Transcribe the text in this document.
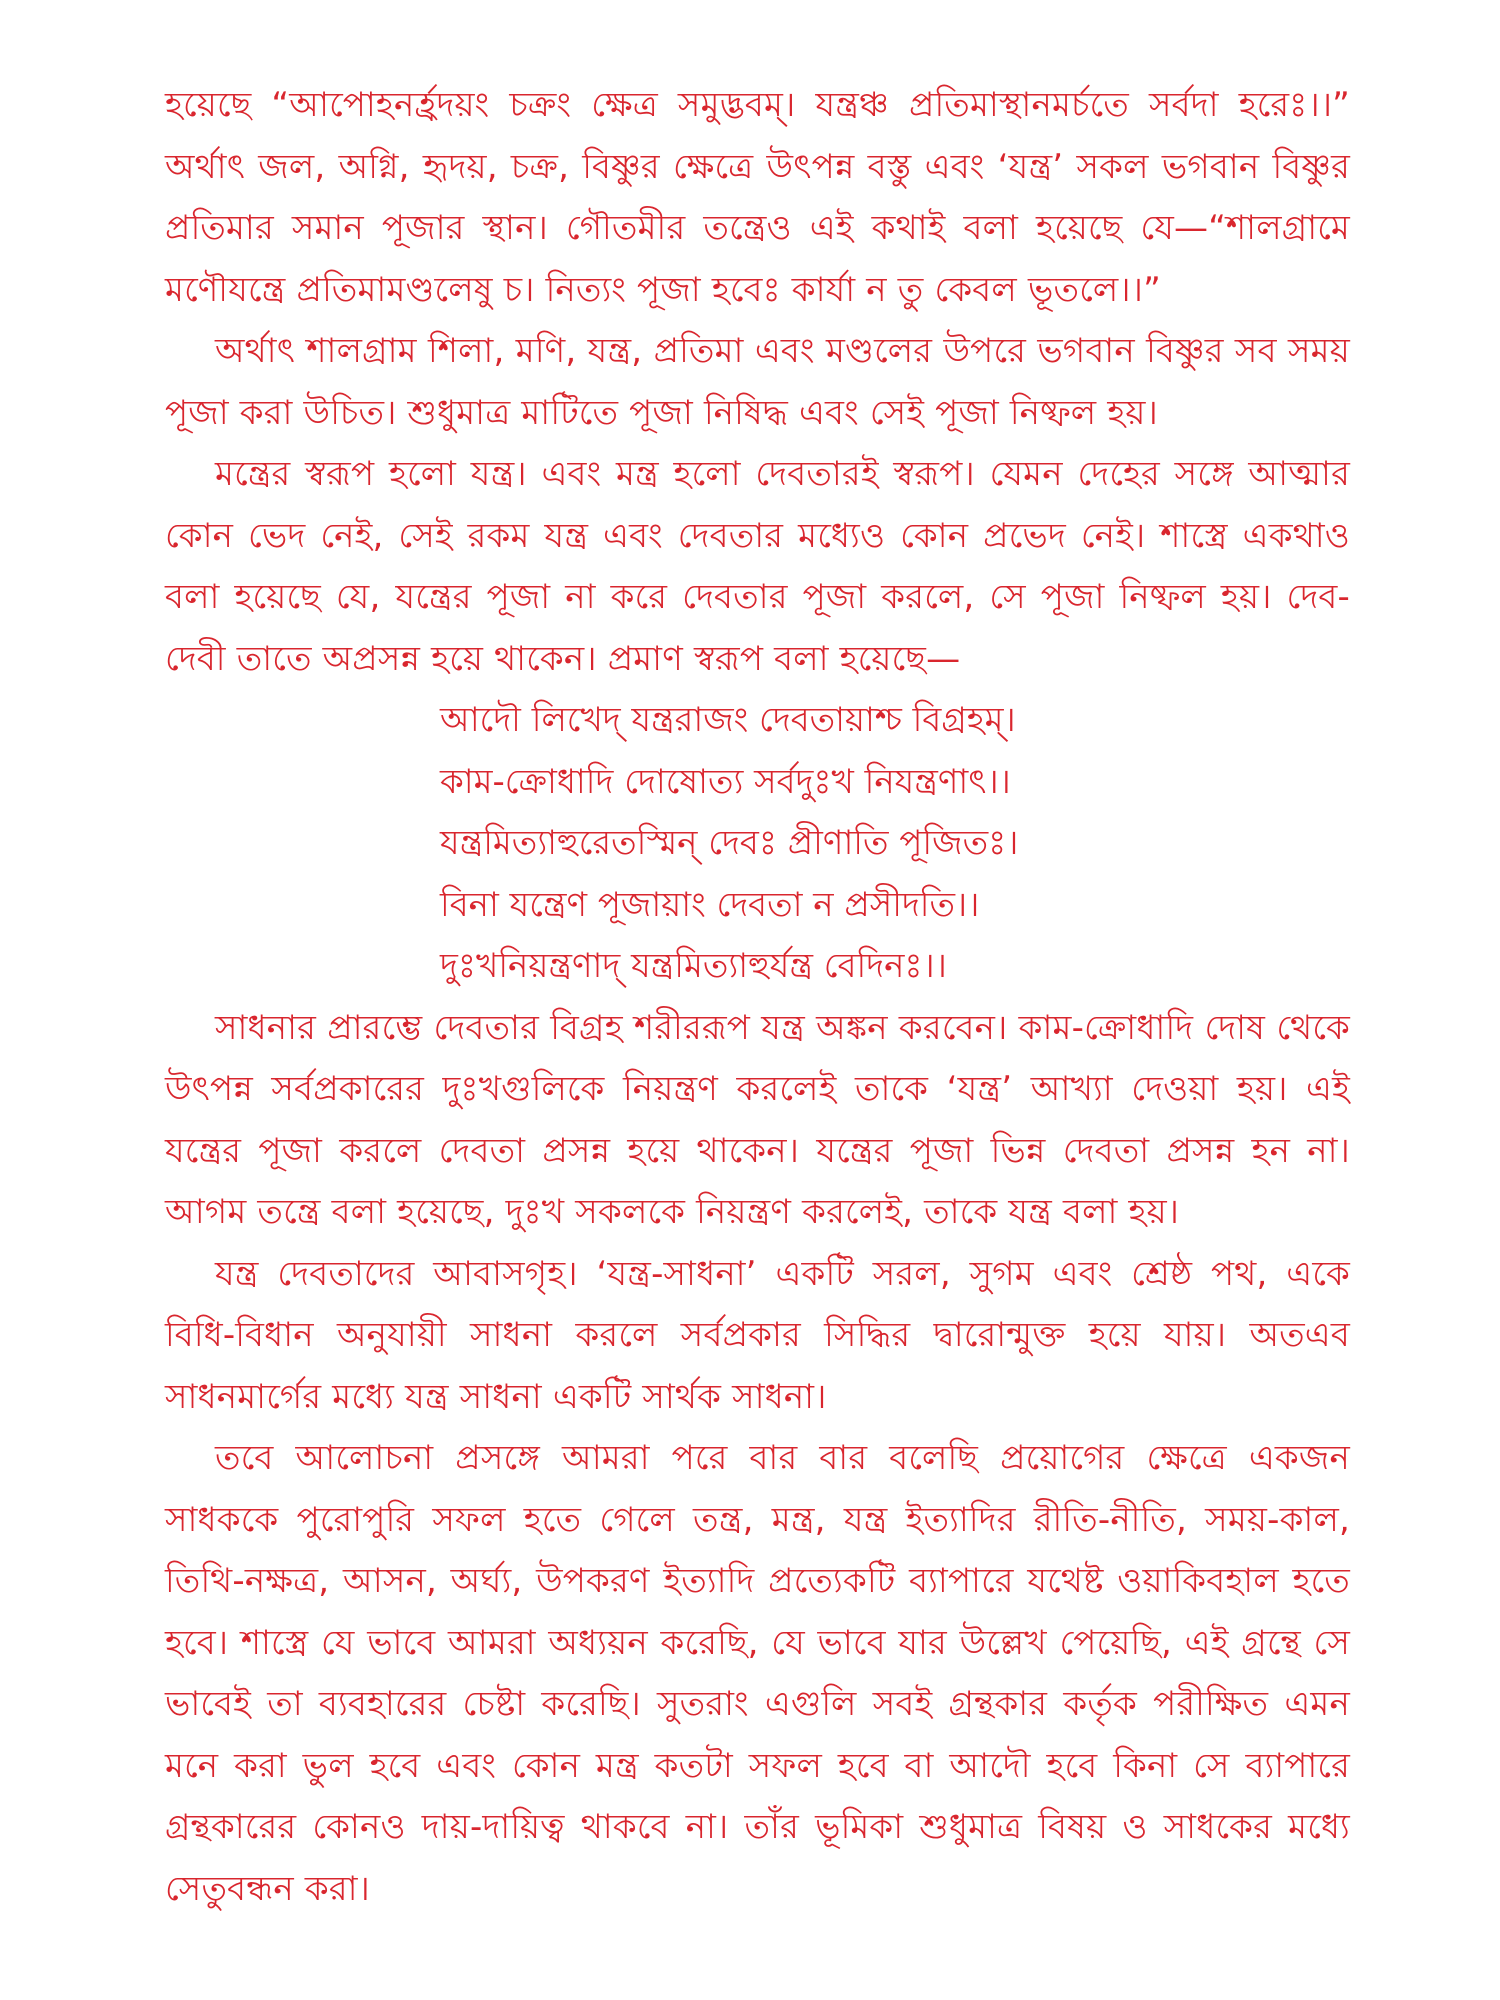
হয়েছে “আপোহনর্হ্রদয়ং চক্রং ক্ষেত্র সমুদ্ভবম্। যন্ত্রঞ্চ প্রতিমাস্থানমর্চতে সর্বদা হরেঃ।।” অর্থাৎ জল, অগ্নি, হৃদয়, চক্র, বিষ্ণুর ক্ষেত্রে উৎপন্ন বস্তু এবং ‘যন্ত্র’ সকল ভগবান বিষ্ণুর প্রতিমার সমান পূজার স্থান। গৌতমীর তন্ত্রেও এই কথাই বলা হয়েছে যে—“শালগ্রামে মণৌযন্ত্রে প্রতিমামণ্ডলেষু চ। নিত্যং পূজা হবেঃ কার্যা ন তু কেবল ভূতলে।।”

অর্থাৎ শালগ্রাম শিলা, মণি, যন্ত্র, প্রতিমা এবং মণ্ডলের উপরে ভগবান বিষ্ণুর সব সময় পূজা করা উচিত। শুধুমাত্র মাটিতে পূজা নিষিদ্ধ এবং সেই পূজা নিষ্ফল হয়।

মন্ত্রের স্বরূপ হলো যন্ত্র। এবং মন্ত্র হলো দেবতারই স্বরূপ। যেমন দেহের সঙ্গে আত্মার কোন ভেদ নেই, সেই রকম যন্ত্র এবং দেবতার মধ্যেও কোন প্রভেদ নেই। শাস্ত্রে একথাও বলা হয়েছে যে, যন্ত্রের পূজা না করে দেবতার পূজা করলে, সে পূজা নিষ্ফল হয়। দেব-দেবী তাতে অপ্রসন্ন হয়ে থাকেন। প্রমাণ স্বরূপ বলা হয়েছে—

আদৌ লিখেদ্ যন্ত্ররাজং দেবতায়াশ্চ বিগ্রহম্।
কাম-ক্রোধাদি দোষোত্য সর্বদুঃখ নিযন্ত্রণাৎ।।
যন্ত্রমিত্যাহুরেতস্মিন্ দেবঃ প্রীণাতি পূজিতঃ।
বিনা যন্ত্রেণ পূজায়াং দেবতা ন প্রসীদতি।।
দুঃখনিয়ন্ত্রণাদ্ যন্ত্রমিত্যাহুর্যন্ত্র বেদিনঃ।।

সাধনার প্রারম্ভে দেবতার বিগ্রহ শরীররূপ যন্ত্র অঙ্কন করবেন। কাম-ক্রোধাদি দোষ থেকে উৎপন্ন সর্বপ্রকারের দুঃখগুলিকে নিয়ন্ত্রণ করলেই তাকে ‘যন্ত্র’ আখ্যা দেওয়া হয়। এই যন্ত্রের পূজা করলে দেবতা প্রসন্ন হয়ে থাকেন। যন্ত্রের পূজা ভিন্ন দেবতা প্রসন্ন হন না। আগম তন্ত্রে বলা হয়েছে, দুঃখ সকলকে নিয়ন্ত্রণ করলেই, তাকে যন্ত্র বলা হয়।

যন্ত্র দেবতাদের আবাসগৃহ। ‘যন্ত্র-সাধনা’ একটি সরল, সুগম এবং শ্রেষ্ঠ পথ, একে বিধি-বিধান অনুযায়ী সাধনা করলে সর্বপ্রকার সিদ্ধির দ্বারোন্মুক্ত হয়ে যায়। অতএব সাধনমার্গের মধ্যে যন্ত্র সাধনা একটি সার্থক সাধনা।

তবে আলোচনা প্রসঙ্গে আমরা পরে বার বার বলেছি প্রয়োগের ক্ষেত্রে একজন সাধককে পুরোপুরি সফল হতে গেলে তন্ত্র, মন্ত্র, যন্ত্র ইত্যাদির রীতি-নীতি, সময়-কাল, তিথি-নক্ষত্র, আসন, অর্ঘ্য, উপকরণ ইত্যাদি প্রত্যেকটি ব্যাপারে যথেষ্ট ওয়াকিবহাল হতে হবে। শাস্ত্রে যে ভাবে আমরা অধ্যয়ন করেছি, যে ভাবে যার উল্লেখ পেয়েছি, এই গ্রন্থে সে ভাবেই তা ব্যবহারের চেষ্টা করেছি। সুতরাং এগুলি সবই গ্রন্থকার কর্তৃক পরীক্ষিত এমন মনে করা ভুল হবে এবং কোন মন্ত্র কতটা সফল হবে বা আদৌ হবে কিনা সে ব্যাপারে গ্রন্থকারের কোনও দায়-দায়িত্ব থাকবে না। তাঁর ভূমিকা শুধুমাত্র বিষয় ও সাধকের মধ্যে সেতুবন্ধন করা।
